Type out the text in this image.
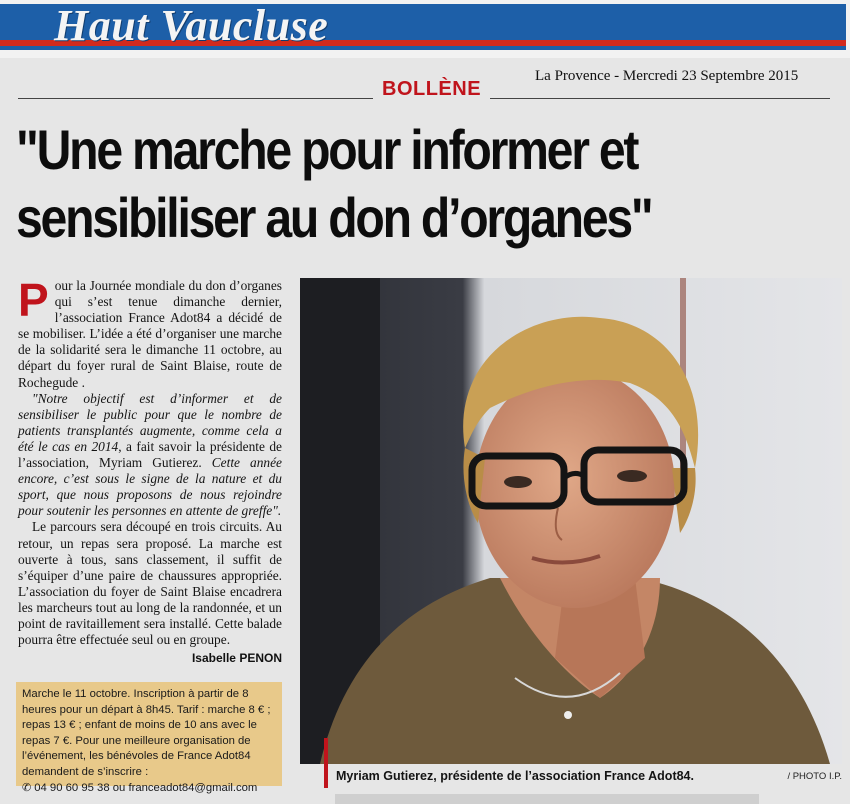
Haut Vaucluse
BOLLÈNE
La Provence - Mercredi 23 Septembre 2015
"Une marche pour informer et
sensibiliser au don d’organes"

Pour la Journée mondiale du don d’organes qui s’est tenue dimanche dernier, l’association France Adot84 a décidé de se mobiliser. L’idée a été d’organiser une marche de la solidarité sera le dimanche 11 octobre, au départ du foyer rural de Saint Blaise, route de Rochegude .

"Notre objectif est d’informer et de sensibiliser le public pour que le nombre de patients transplantés augmente, comme cela a été le cas en 2014, a fait savoir la présidente de l’association, Myriam Gutierez. Cette année encore, c’est sous le signe de la nature et du sport, que nous proposons de nous rejoindre pour soutenir les personnes en attente de greffe".

Le parcours sera découpé en trois circuits. Au retour, un repas sera proposé. La marche est ouverte à tous, sans classement, il suffit de s’équiper d’une paire de chaussures appropriée. L’association du foyer de Saint Blaise encadrera les marcheurs tout au long de la randonnée, et un point de ravitaillement sera installé. Cette balade pourra être effectuée seul ou en groupe.

Isabelle PENON
Marche le 11 octobre. Inscription à partir de 8 heures pour un départ à 8h45. Tarif : marche 8 € ; repas 13 € ; enfant de moins de 10 ans avec le repas 7 €. Pour une meilleure organisation de l’événement, les bénévoles de France Adot84 demandent de s’inscrire :
✆ 04 90 60 95 38 ou franceadot84@gmail.com
Myriam Gutierez, présidente de l’association France Adot84.	/ PHOTO I.P.
